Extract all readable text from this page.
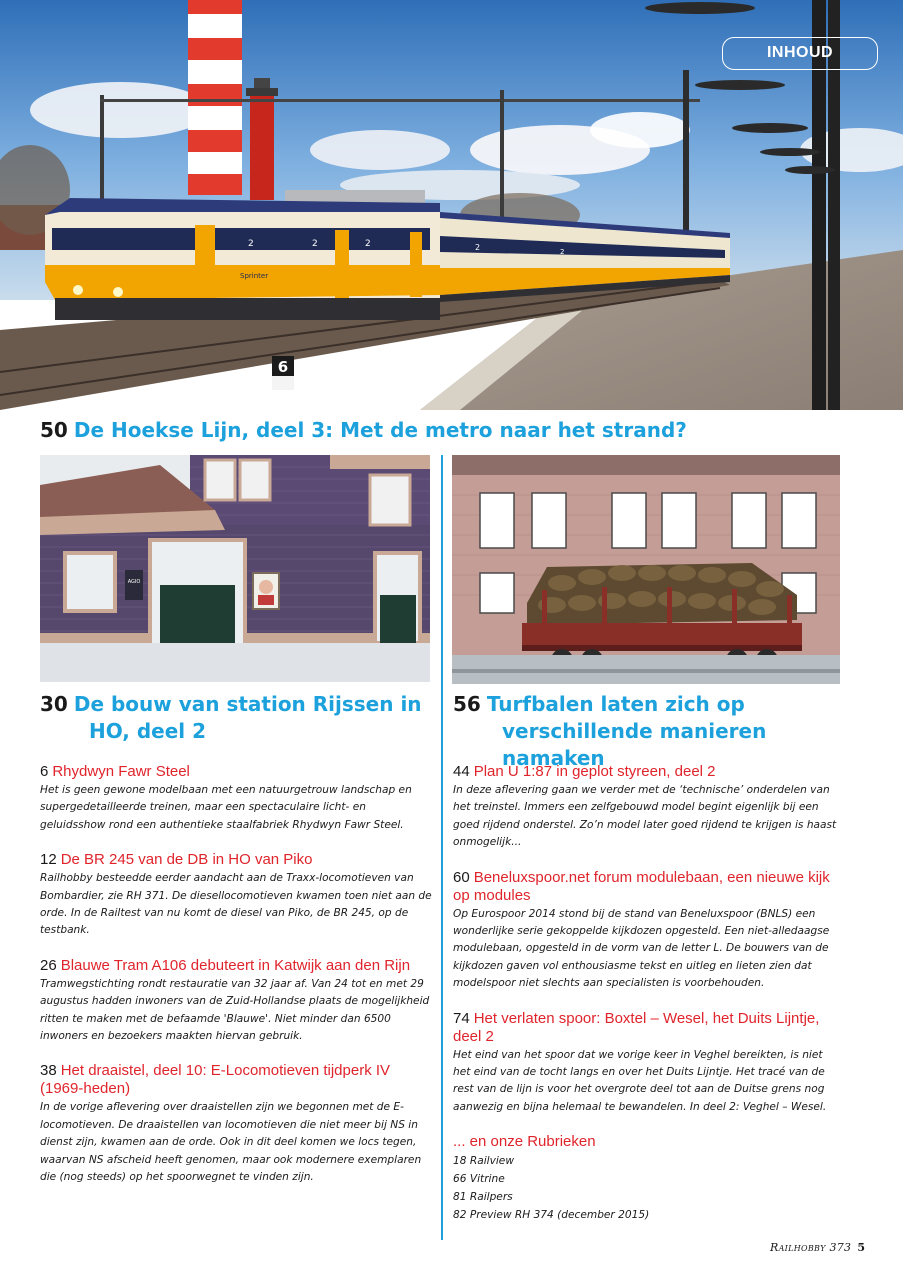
Sprinter
2	2	2	2	2
6
INHOUD
50 De Hoekse Lijn, deel 3: Met de metro naar het strand?
AGIO
30 De bouw van station Rijssen in HO, deel 2
56 Turfbalen laten zich op verschillende manieren namaken
6 Rhydwyn Fawr Steel
Het is geen gewone modelbaan met een natuurgetrouw landschap en supergedetailleerde treinen, maar een spectaculaire licht- en geluidsshow rond een authentieke staalfabriek Rhydwyn Fawr Steel.
12 De BR 245 van de DB in HO van Piko
Railhobby besteedde eerder aandacht aan de Traxx-locomotieven van Bombardier, zie RH 371. De diesellocomotieven kwamen toen niet aan de orde. In de Railtest van nu komt de diesel van Piko, de BR 245, op de testbank.
26 Blauwe Tram A106 debuteert in Katwijk aan den Rijn
Tramwegstichting rondt restauratie van 32 jaar af. Van 24 tot en met 29 augustus hadden inwoners van de Zuid-Hollandse plaats de mogelijkheid ritten te maken met de befaamde 'Blauwe'. Niet minder dan 6500 inwoners en bezoekers maakten hiervan gebruik.
38 Het draaistel, deel 10: E-Locomotieven tijdperk IV (1969-heden)
In de vorige aflevering over draaistellen zijn we begonnen met de E-locomotieven. De draaistellen van locomotieven die niet meer bij NS in dienst zijn, kwamen aan de orde. Ook in dit deel komen we locs tegen, waarvan NS afscheid heeft genomen, maar ook modernere exemplaren die (nog steeds) op het spoorwegnet te vinden zijn.
44 Plan U 1:87 in geplot styreen, deel 2
In deze aflevering gaan we verder met de ‘technische’ onderdelen van het treinstel. Immers een zelfgebouwd model begint eigenlijk bij een goed rijdend onderstel. Zo’n model later goed rijdend te krijgen is haast onmogelijk...
60 Beneluxspoor.net forum modulebaan, een nieuwe kijk op modules
Op Eurospoor 2014 stond bij de stand van Beneluxspoor (BNLS) een wonderlijke serie gekoppelde kijkdozen opgesteld. Een niet-alledaagse modulebaan, opgesteld in de vorm van de letter L. De bouwers van de kijkdozen gaven vol enthousiasme tekst en uitleg en lieten zien dat modelspoor niet slechts aan specialisten is voorbehouden.
74 Het verlaten spoor: Boxtel – Wesel, het Duits Lijntje, deel 2
Het eind van het spoor dat we vorige keer in Veghel bereikten, is niet het eind van de tocht langs en over het Duits Lijntje. Het tracé van de rest van de lijn is voor het overgrote deel tot aan de Duitse grens nog aanwezig en bijna helemaal te bewandelen. In deel 2: Veghel – Wesel.
... en onze Rubrieken
18 Railview
66 Vitrine
81 Railpers
82 Preview RH 374 (december 2015)
Railhobby 373 5
